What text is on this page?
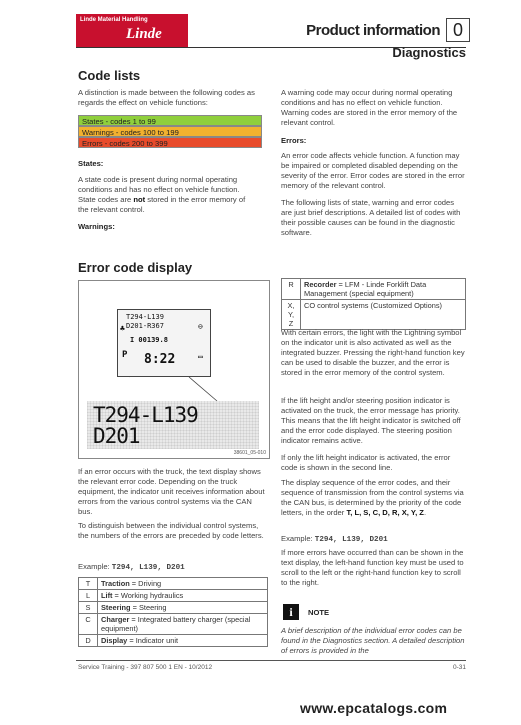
Linde Material Handling
Linde	Product information 0
Diagnostics
Code lists
A distinction is made between the following codes as regards the effect on vehicle functions:
States - codes 1 to 99
Warnings - codes 100 to 199
Errors - codes 200 to 399
States:
A state code is present during normal operating
conditions and has no effect on vehicle function.
State codes are not stored in the error memory of
the relevant control.
Warnings:
A warning code may occur during normal operating conditions and has no effect on vehicle function. Warning codes are stored in the error memory of the relevant control.
Errors:
An error code affects vehicle function. A function may be impaired or completed disabled depending on the severity of the error. Error codes are stored in the error memory of the relevant control.
The following lists of state, warning and error codes are just brief descriptions. A detailed list of codes with their possible causes can be found in the diagnostic software.
Error code display
T294-L139
D201-R367
I 00139.8
P 8:22
⊖
▭
♣
T294-L139
D201
38601_05-010
If an error occurs with the truck, the text display shows the relevant error code. Depending on the truck equipment, the indicator unit receives information about errors from the various control systems via the CAN bus.
To distinguish between the individual control systems, the numbers of the errors are preceded by code letters.
Example: T294, L139, D201
T	Traction = Driving
L	Lift = Working hydraulics
S	Steering = Steering
C	Charger = Integrated battery charger (special equipment)
D	Display = Indicator unit
R	Recorder = LFM - Linde Forklift Data Management (special equipment)
X, Y, Z	CO control systems (Customized Options)
With certain errors, the light with the Lightning symbol on the indicator unit is also activated as well as the integrated buzzer. Pressing the right-hand function key can be used to disable the buzzer, and the error is stored in the error memory of the control system.
If the lift height and/or steering position indicator is activated on the truck, the error message has priority. This means that the lift height indicator is switched off and the error code displayed. The steering position indicator remains active.
If only the lift height indicator is activated, the error code is shown in the second line.
The display sequence of the error codes, and their sequence of transmission from the control systems via the CAN bus, is determined by the priority of the code letters, in the order T, L, S, C, D, R, X, Y, Z.
Example: T294, L139, D201
If more errors have occurred than can be shown in the text display, the left-hand function key must be used to scroll to the left or the right-hand function key to scroll to the right.
i	NOTE
A brief description of the individual error codes can be found in the Diagnostics section. A detailed description of errors is provided in the
Service Training - 397 807 500 1 EN - 10/2012	0-31
www.epcatalogs.com
